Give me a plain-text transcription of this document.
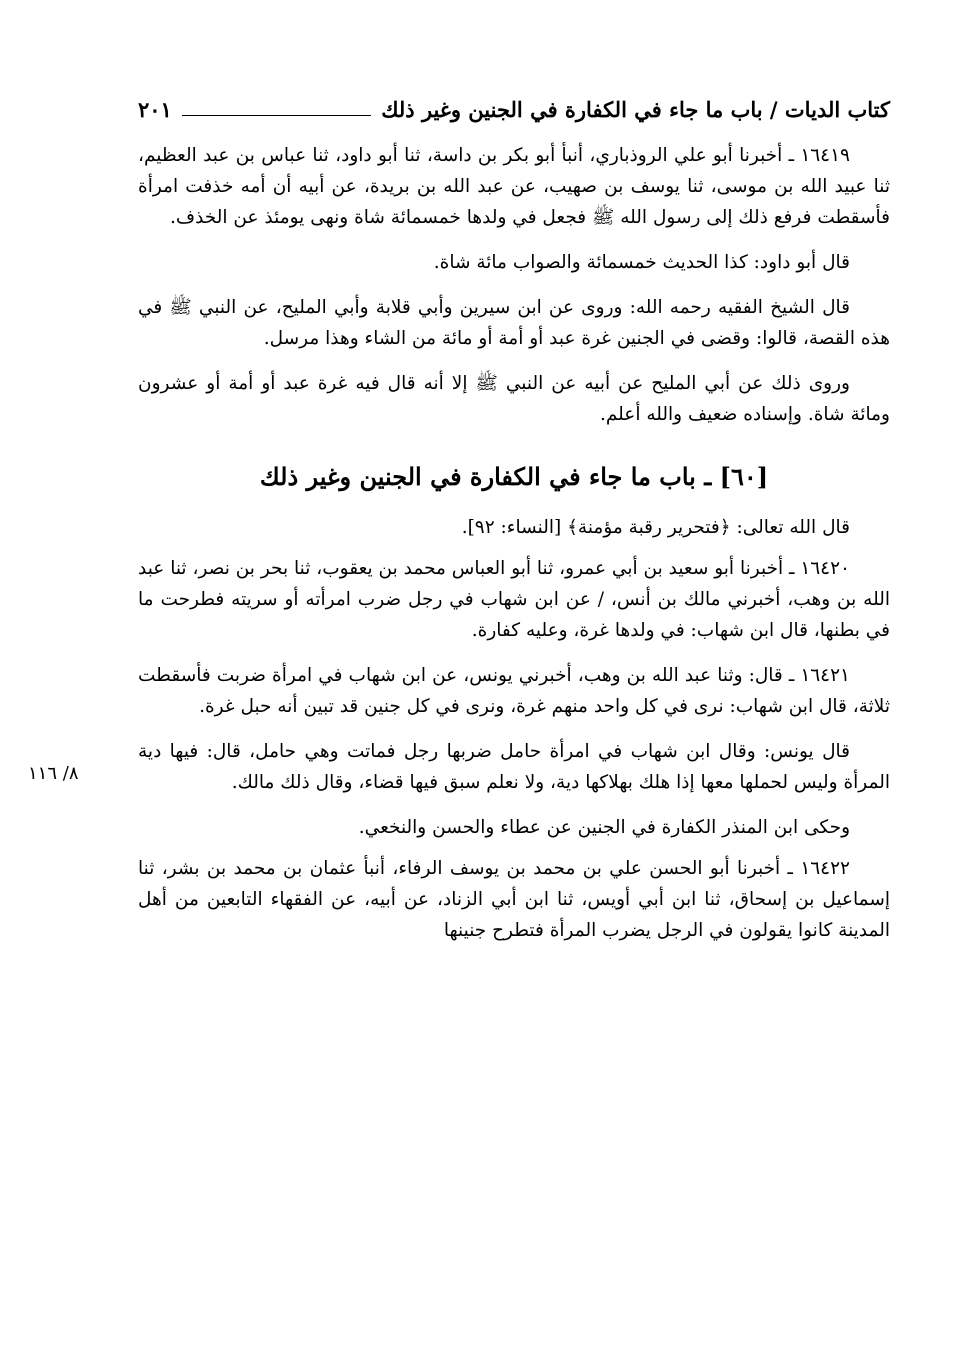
كتاب الديات / باب ما جاء في الكفارة في الجنين وغير ذلك
٢٠١
٨/ ١١٦

١٦٤١٩ ـ أخبرنا أبو علي الروذباري، أنبأ أبو بكر بن داسة، ثنا أبو داود، ثنا عباس بن عبد العظيم، ثنا عبيد الله بن موسى، ثنا يوسف بن صهيب، عن عبد الله بن بريدة، عن أبيه أن أمه خذفت امرأة فأسقطت فرفع ذلك إلى رسول الله ﷺ فجعل في ولدها خمسمائة شاة ونهى يومئذ عن الخذف.

قال أبو داود: كذا الحديث خمسمائة والصواب مائة شاة.

قال الشيخ الفقيه رحمه الله: وروى عن ابن سيرين وأبي قلابة وأبي المليح، عن النبي ﷺ في هذه القصة، قالوا: وقضى في الجنين غرة عبد أو أمة أو مائة من الشاء وهذا مرسل.

وروى ذلك عن أبي المليح عن أبيه عن النبي ﷺ إلا أنه قال فيه غرة عبد أو أمة أو عشرون ومائة شاة. وإسناده ضعيف والله أعلم.

[٦٠] ـ باب ما جاء في الكفارة في الجنين وغير ذلك

قال الله تعالى: ﴿فتحرير رقبة مؤمنة﴾ [النساء: ٩٢].

١٦٤٢٠ ـ أخبرنا أبو سعيد بن أبي عمرو، ثنا أبو العباس محمد بن يعقوب، ثنا بحر بن نصر، ثنا عبد الله بن وهب، أخبرني مالك بن أنس، / عن ابن شهاب في رجل ضرب امرأته أو سريته فطرحت ما في بطنها، قال ابن شهاب: في ولدها غرة، وعليه كفارة.

١٦٤٢١ ـ قال: وثنا عبد الله بن وهب، أخبرني يونس، عن ابن شهاب في امرأة ضربت فأسقطت ثلاثة، قال ابن شهاب: نرى في كل واحد منهم غرة، ونرى في كل جنين قد تبين أنه حبل غرة.

قال يونس: وقال ابن شهاب في امرأة حامل ضربها رجل فماتت وهي حامل، قال: فيها دية المرأة وليس لحملها معها إذا هلك بهلاكها دية، ولا نعلم سبق فيها قضاء، وقال ذلك مالك.

وحكى ابن المنذر الكفارة في الجنين عن عطاء والحسن والنخعي.

١٦٤٢٢ ـ أخبرنا أبو الحسن علي بن محمد بن يوسف الرفاء، أنبأ عثمان بن محمد بن بشر، ثنا إسماعيل بن إسحاق، ثنا ابن أبي أويس، ثنا ابن أبي الزناد، عن أبيه، عن الفقهاء التابعين من أهل المدينة كانوا يقولون في الرجل يضرب المرأة فتطرح جنينها
